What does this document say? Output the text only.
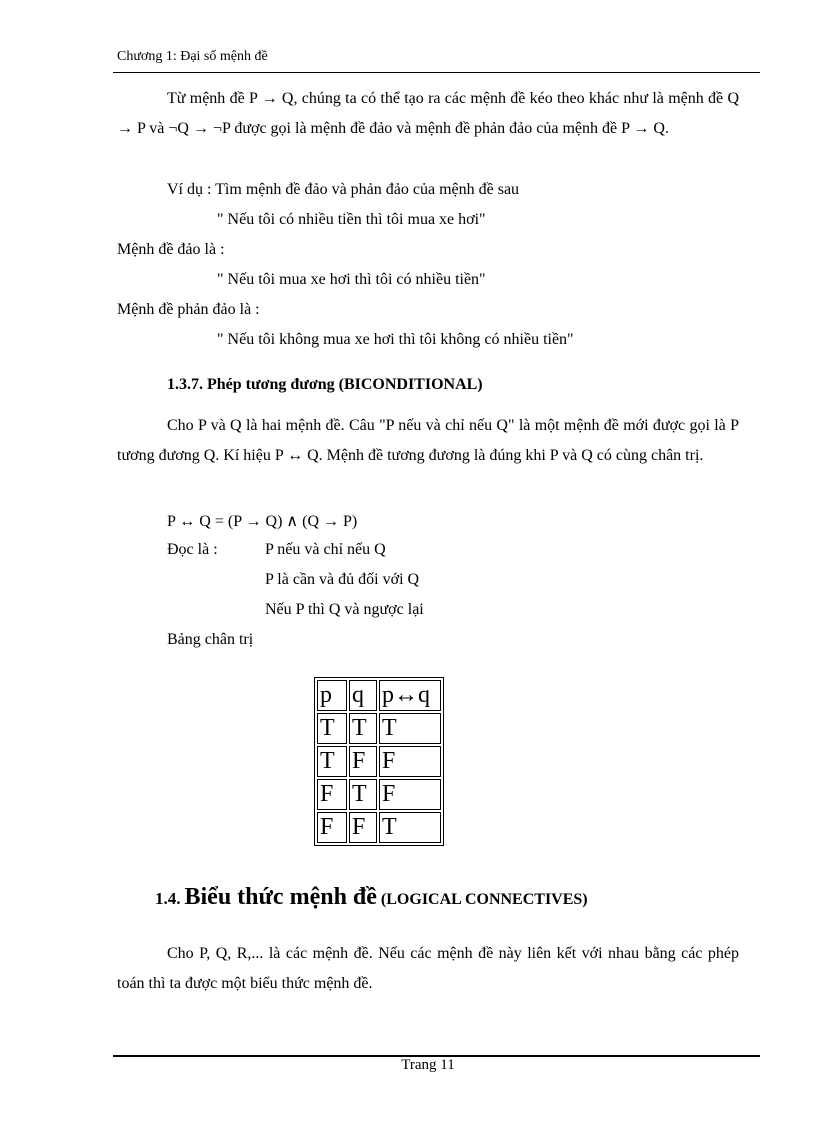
Chương 1: Đại số mệnh đề
Từ mệnh đề P → Q, chúng ta có thể tạo ra các mệnh đề kéo theo khác như là mệnh đề Q → P và ¬Q → ¬P được gọi là mệnh đề đảo và mệnh đề phản đảo của mệnh đề P → Q.
Ví dụ : Tìm mệnh đề đảo và phản đảo của mệnh đề sau
" Nếu tôi có nhiều tiền thì tôi mua xe hơi"
Mệnh đề đảo là :
" Nếu tôi mua xe hơi thì tôi có nhiều tiền"
Mệnh đề phản đảo là :
" Nếu tôi không mua xe hơi thì tôi không có nhiều tiền"
1.3.7. Phép tương đương (BICONDITIONAL)
Cho P và Q là hai mệnh đề. Câu "P nếu và chỉ nếu Q" là một mệnh đề mới được gọi là P tương đương Q. Kí hiệu P ↔ Q. Mệnh đề tương đương là đúng khi P và Q có cùng chân trị.
P ↔ Q = (P → Q) ∧ (Q → P)
Đọc là :	P nếu và chỉ nếu Q
P là cần và đủ đối với Q
Nếu P thì Q và ngược lại
Bảng chân trị
p	q	p↔q
T	T	T
T	F	F
F	T	F
F	F	T
1.4. Biểu thức mệnh đề (LOGICAL CONNECTIVES)
Cho P, Q, R,... là các mệnh đề. Nếu các mệnh đề này liên kết với nhau bằng các phép toán thì ta được một biểu thức mệnh đề.
Trang 11
